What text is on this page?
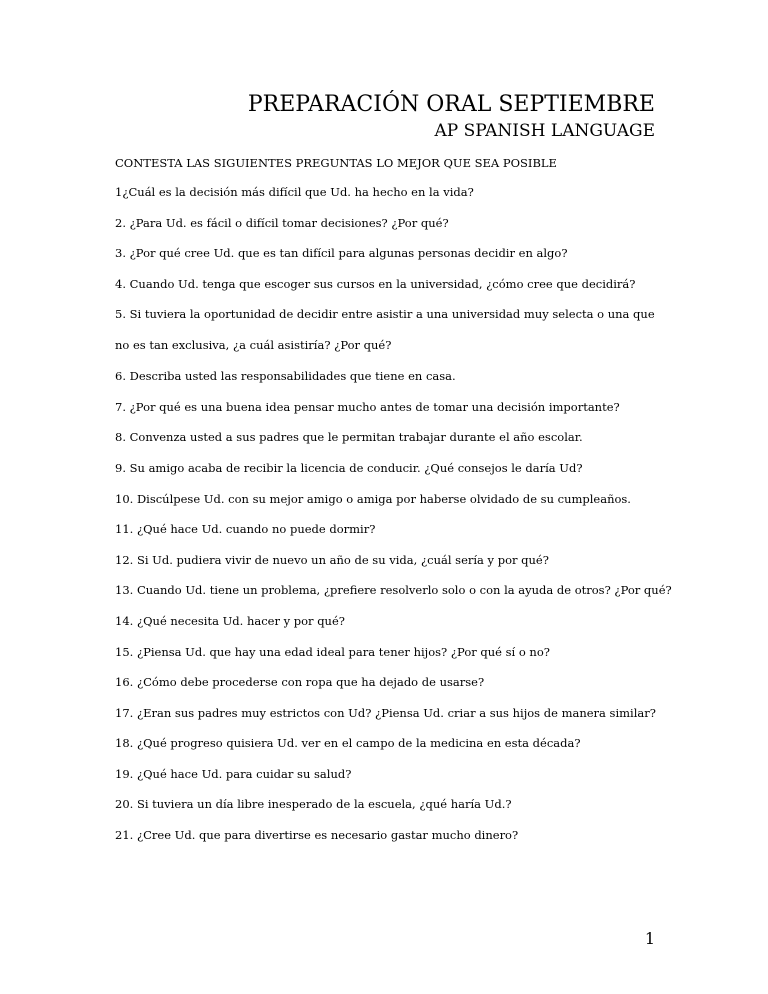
PREPARACIÓN ORAL SEPTIEMBRE
AP SPANISH LANGUAGE
CONTESTA LAS SIGUIENTES PREGUNTAS LO MEJOR QUE SEA POSIBLE
1¿Cuál es la decisión más difícil que Ud. ha hecho en la vida?
2. ¿Para Ud. es fácil o difícil tomar decisiones? ¿Por qué?
3. ¿Por qué cree Ud. que es tan difícil para algunas personas decidir en algo?
4. Cuando Ud. tenga que escoger sus cursos en la universidad, ¿cómo cree que decidirá?
5. Si tuviera la oportunidad de decidir entre asistir a una universidad muy selecta o una que no es tan exclusiva, ¿a cuál asistiría? ¿Por qué?
6. Describa usted las responsabilidades que tiene en casa.
7. ¿Por qué es una buena idea pensar mucho antes de tomar una decisión importante?
8. Convenza usted a sus padres que le permitan trabajar durante el año escolar.
9. Su amigo acaba de recibir la licencia de conducir. ¿Qué consejos le daría Ud?
10. Discúlpese Ud. con su mejor amigo o amiga por haberse olvidado de su cumpleaños.
11. ¿Qué hace Ud. cuando no puede dormir?
12. Si Ud. pudiera vivir de nuevo un año de su vida, ¿cuál sería y por qué?
13. Cuando Ud. tiene un problema, ¿prefiere resolverlo solo o con la ayuda de otros? ¿Por qué?
14. ¿Qué necesita Ud. hacer y por qué?
15. ¿Piensa Ud. que hay una edad ideal para tener hijos? ¿Por qué sí o no?
16. ¿Cómo debe procederse con ropa que ha dejado de usarse?
17. ¿Eran sus padres muy estrictos con Ud? ¿Piensa Ud. criar a sus hijos de manera similar?
18. ¿Qué progreso quisiera Ud. ver en el campo de la medicina en esta década?
19. ¿Qué hace Ud. para cuidar su salud?
20. Si tuviera un día libre inesperado de la escuela, ¿qué haría Ud.?
21. ¿Cree Ud. que para divertirse es necesario gastar mucho dinero?
1
